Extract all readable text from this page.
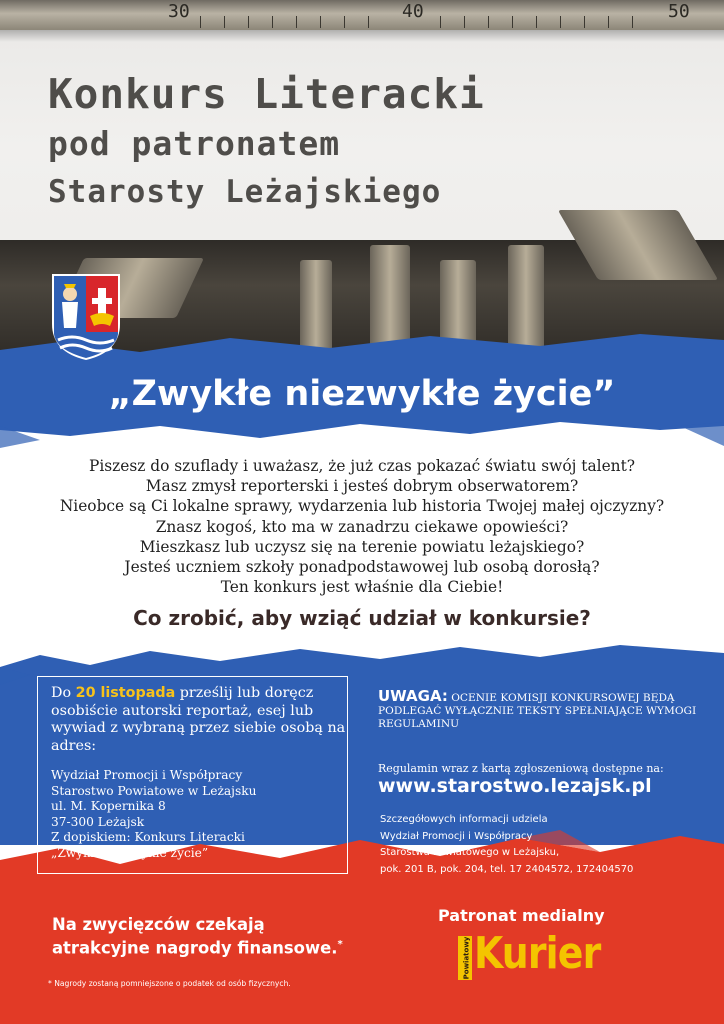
30	40	50
Konkurs Literacki
pod patronatem
Starosty Leżajskiego
„Zwykłe niezwykłe życie”
Piszesz do szuflady i uważasz, że już czas pokazać światu swój talent?
Masz zmysł reporterski i jesteś dobrym obserwatorem?
Nieobce są Ci lokalne sprawy, wydarzenia lub historia Twojej małej ojczyzny?
Znasz kogoś, kto ma w zanadrzu ciekawe opowieści?
Mieszkasz lub uczysz się na terenie powiatu leżajskiego?
Jesteś uczniem szkoły ponadpodstawowej lub osobą dorosłą?
Ten konkurs jest właśnie dla Ciebie!
Co zrobić, aby wziąć udział w konkursie?
Do 20 listopada prześlij lub doręcz osobiście autorski reportaż, esej lub wywiad z wybraną przez siebie osobą na adres:
Wydział Promocji i Współpracy
Starostwo Powiatowe w Leżajsku
ul. M. Kopernika 8
37-300 Leżajsk
Z dopiskiem: Konkurs Literacki
„Zwykłe niezwykłe życie”
UWAGA: OCENIE KOMISJI KONKURSOWEJ BĘDĄ PODLEGAĆ WYŁĄCZNIE TEKSTY SPEŁNIAJĄCE WYMOGI REGULAMINU
Regulamin wraz z kartą zgłoszeniową dostępne na:
www.starostwo.lezajsk.pl
Szczegółowych informacji udziela
Wydział Promocji i Współpracy
Starostwa Powiatowego w Leżajsku,
pok. 201 B, pok. 204, tel. 17 2404572, 172404570
Na zwycięzców czekają
atrakcyjne nagrody finansowe.*
* Nagrody zostaną pomniejszone o podatek od osób fizycznych.
Patronat medialny
Powiatowy Kurier
